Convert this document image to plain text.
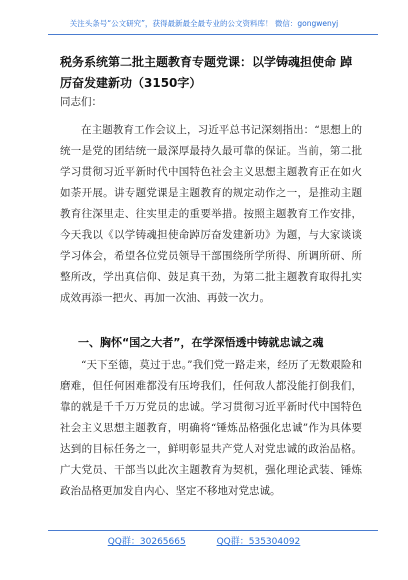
关注头条号“公文研究”，获得最新最全最专业的公文资料库！ 微信：gongwenyj
税务系统第二批主题教育专题党课：以学铸魂担使命 踔厉奋发建新功（3150字）
同志们：
在主题教育工作会议上，习近平总书记深刻指出：“思想上的统一是党的团结统一最深厚最持久最可靠的保证。当前，第二批学习贯彻习近平新时代中国特色社会主义思想主题教育正在如火如荼开展。讲专题党课是主题教育的规定动作之一，是推动主题教育往深里走、往实里走的重要举措。按照主题教育工作安排，今天我以《以学铸魂担使命踔厉奋发建新功》为题，与大家谈谈学习体会，希望各位党员领导干部围绕所学所得、所调所研、所整所改，学出真信仰、鼓足真干劲，为第二批主题教育取得扎实成效再添一把火、再加一次油、再鼓一次力。
一、胸怀“国之大者”，在学深悟透中铸就忠诚之魂
“天下至德，莫过于忠。”我们党一路走来，经历了无数艰险和磨难，但任何困难都没有压垮我们，任何敌人都没能打倒我们，靠的就是千千万万党员的忠诚。学习贯彻习近平新时代中国特色社会主义思想主题教育，明确将“锤炼品格强化忠诚”作为具体要达到的目标任务之一，鲜明彰显共产党人对党忠诚的政治品格。广大党员、干部当以此次主题教育为契机，强化理论武装、锤炼政治品格更加发自内心、坚定不移地对党忠诚。
QQ群：30265665	QQ群：535304092
